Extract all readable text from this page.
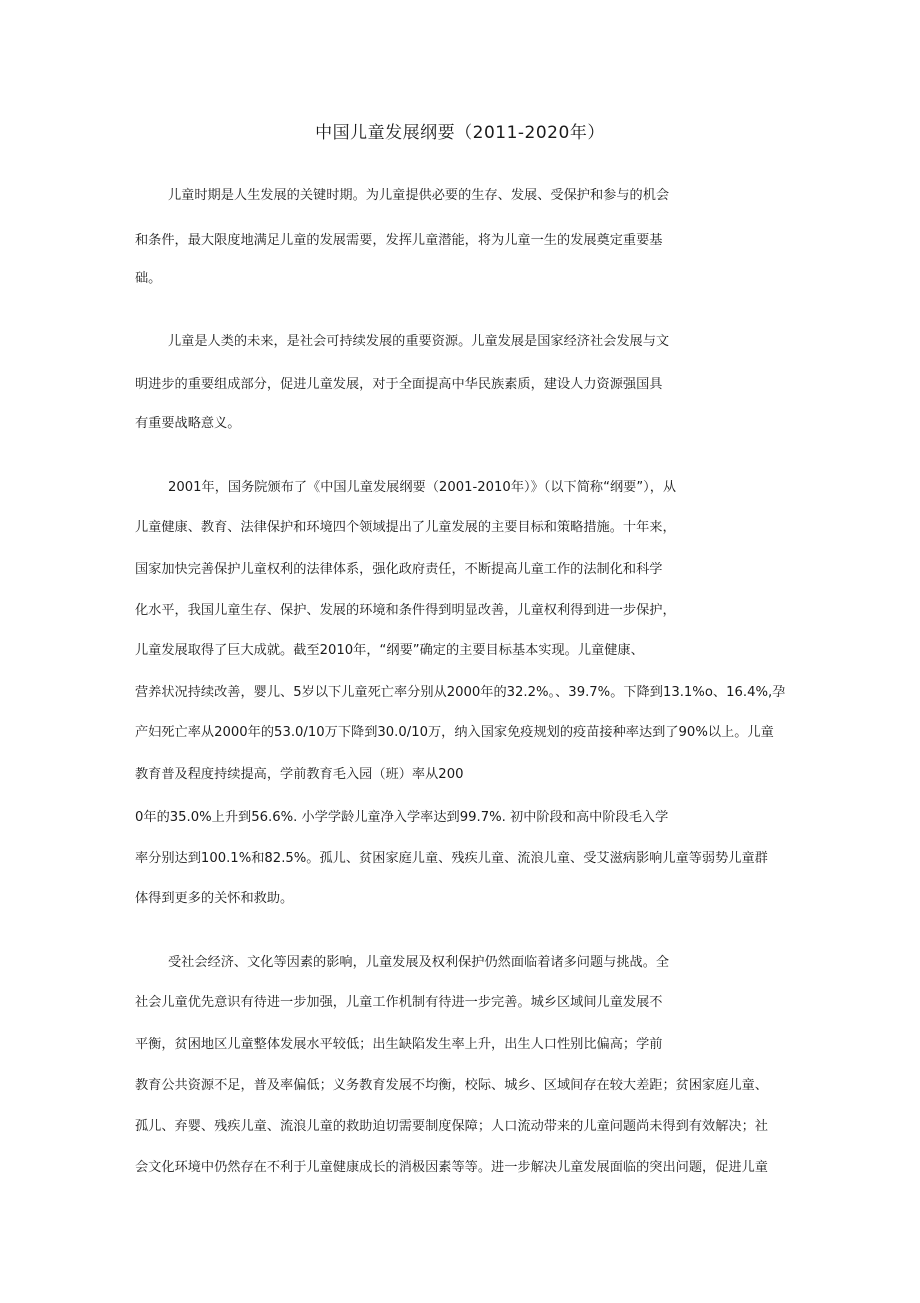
中国儿童发展纲要（2011-2020年）

儿童时期是人生发展的关键时期。为儿童提供必要的生存、发展、受保护和参与的机会

和条件，最大限度地满足儿童的发展需要，发挥儿童潜能，将为儿童一生的发展奠定重要基

础。

儿童是人类的未来，是社会可持续发展的重要资源。儿童发展是国家经济社会发展与文

明进步的重要组成部分，促进儿童发展，对于全面提高中华民族素质，建设人力资源强国具

有重要战略意义。

2001年，国务院颁布了《中国儿童发展纲要（2001-2010年）》（以下简称“纲要”），从

儿童健康、教育、法律保护和环境四个领域提出了儿童发展的主要目标和策略措施。十年来，

国家加快完善保护儿童权利的法律体系，强化政府责任，不断提高儿童工作的法制化和科学

化水平，我国儿童生存、保护、发展的环境和条件得到明显改善，儿童权利得到进一步保护，

儿童发展取得了巨大成就。截至2010年，“纲要”确定的主要目标基本实现。儿童健康、

营养状况持续改善，婴儿、5岁以下儿童死亡率分别从2000年的32.2%。、39.7%。下降到13.1%o、16.4%,孕

产妇死亡率从2000年的53.0/10万下降到30.0/10万，纳入国家免疫规划的疫苗接种率达到了90%以上。儿童

教育普及程度持续提高，学前教育毛入园（班）率从200

0年的35.0%上升到56.6%. 小学学龄儿童净入学率达到99.7%. 初中阶段和高中阶段毛入学

率分别达到100.1%和82.5%。孤儿、贫困家庭儿童、残疾儿童、流浪儿童、受艾滋病影响儿童等弱势儿童群

体得到更多的关怀和救助。

受社会经济、文化等因素的影响，儿童发展及权利保护仍然面临着诸多问题与挑战。全

社会儿童优先意识有待进一步加强，儿童工作机制有待进一步完善。城乡区域间儿童发展不

平衡，贫困地区儿童整体发展水平较低；出生缺陷发生率上升，出生人口性别比偏高；学前

教育公共资源不足，普及率偏低；义务教育发展不均衡，校际、城乡、区域间存在较大差距；贫困家庭儿童、

孤儿、弃婴、残疾儿童、流浪儿童的救助迫切需要制度保障；人口流动带来的儿童问题尚未得到有效解决；社

会文化环境中仍然存在不利于儿童健康成长的消极因素等等。进一步解决儿童发展面临的突出问题，促进儿童
